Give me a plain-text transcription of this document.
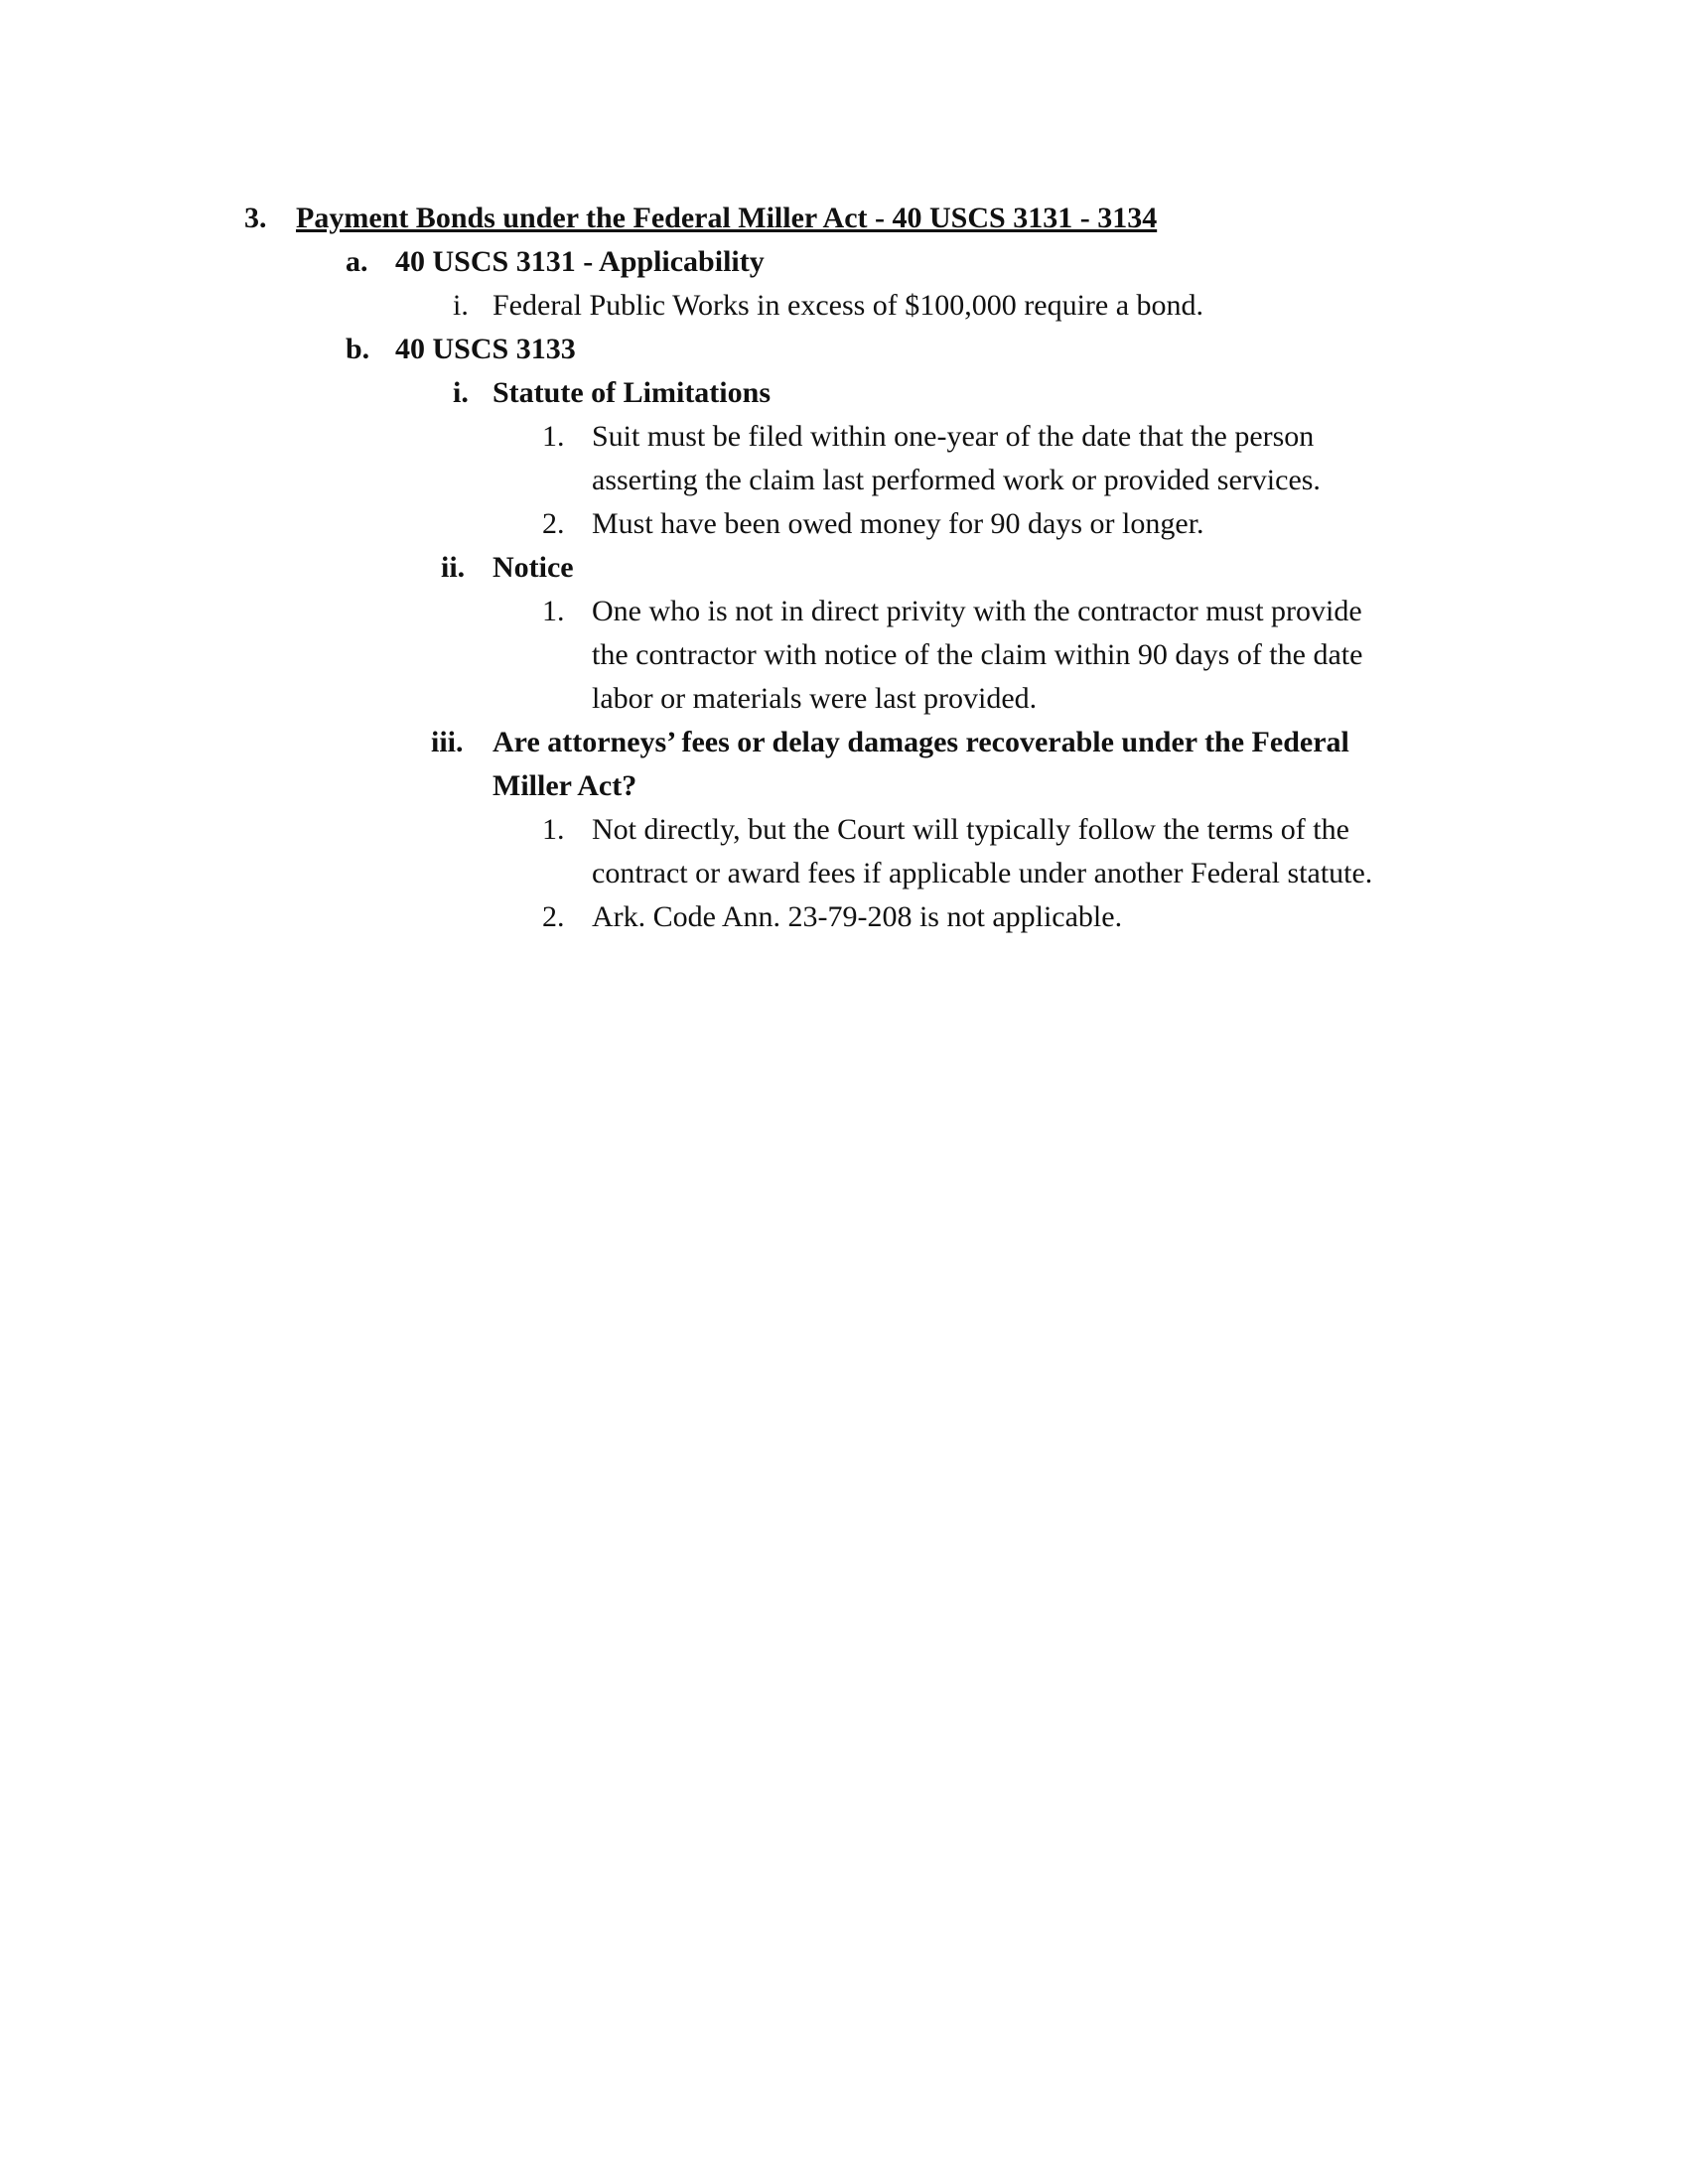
3. Payment Bonds under the Federal Miller Act - 40 USCS 3131 - 3134
a. 40 USCS 3131 - Applicability
i. Federal Public Works in excess of $100,000 require a bond.
b. 40 USCS 3133
i. Statute of Limitations
1. Suit must be filed within one-year of the date that the person
asserting the claim last performed work or provided services.
2. Must have been owed money for 90 days or longer.
ii. Notice
1. One who is not in direct privity with the contractor must provide
the contractor with notice of the claim within 90 days of the date
labor or materials were last provided.
iii. Are attorneys’ fees or delay damages recoverable under the Federal
Miller Act?
1. Not directly, but the Court will typically follow the terms of the
contract or award fees if applicable under another Federal statute.
2. Ark. Code Ann. 23-79-208 is not applicable.
